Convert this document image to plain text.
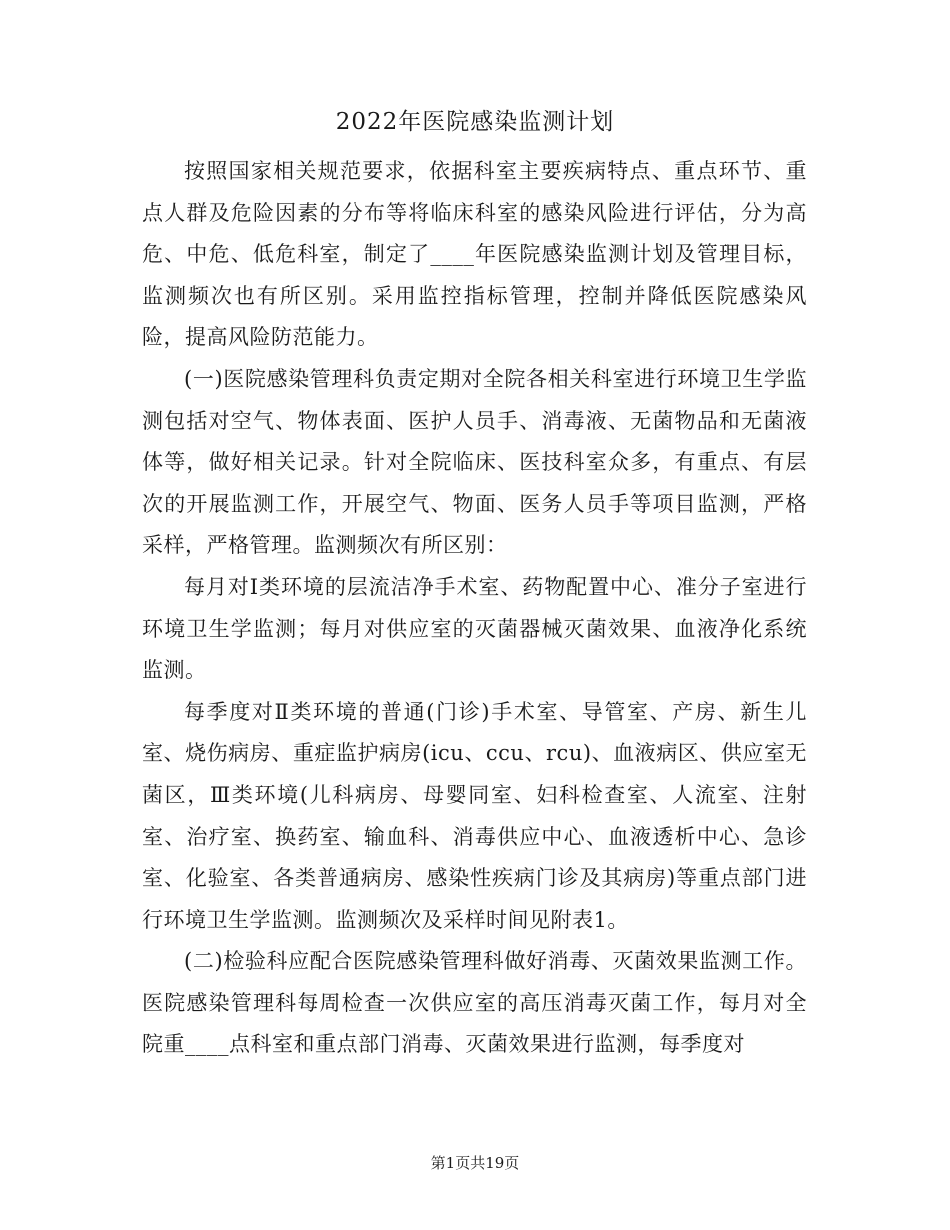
2022年医院感染监测计划

按照国家相关规范要求，依据科室主要疾病特点、重点环节、重点人群及危险因素的分布等将临床科室的感染风险进行评估，分为高危、中危、低危科室，制定了____年医院感染监测计划及管理目标，监测频次也有所区别。采用监控指标管理，控制并降低医院感染风险，提高风险防范能力。

(一)医院感染管理科负责定期对全院各相关科室进行环境卫生学监测包括对空气、物体表面、医护人员手、消毒液、无菌物品和无菌液体等，做好相关记录。针对全院临床、医技科室众多，有重点、有层次的开展监测工作，开展空气、物面、医务人员手等项目监测，严格采样，严格管理。监测频次有所区别：

每月对Ⅰ类环境的层流洁净手术室、药物配置中心、准分子室进行环境卫生学监测；每月对供应室的灭菌器械灭菌效果、血液净化系统监测。

每季度对Ⅱ类环境的普通(门诊)手术室、导管室、产房、新生儿室、烧伤病房、重症监护病房(icu、ccu、rcu)、血液病区、供应室无菌区，Ⅲ类环境(儿科病房、母婴同室、妇科检查室、人流室、注射室、治疗室、换药室、输血科、消毒供应中心、血液透析中心、急诊室、化验室、各类普通病房、感染性疾病门诊及其病房)等重点部门进行环境卫生学监测。监测频次及采样时间见附表1。

(二)检验科应配合医院感染管理科做好消毒、灭菌效果监测工作。医院感染管理科每周检查一次供应室的高压消毒灭菌工作，每月对全院重____点科室和重点部门消毒、灭菌效果进行监测，每季度对

第1页共19页
